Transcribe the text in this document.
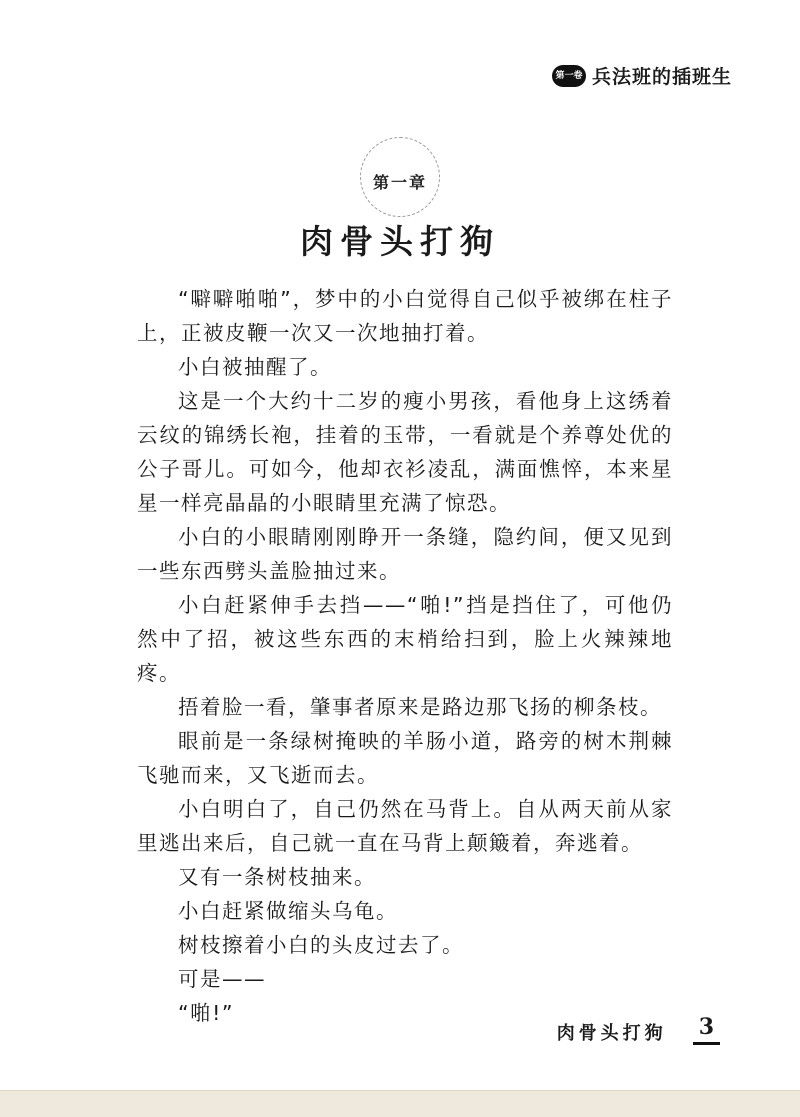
第一卷 兵法班的插班生
第一章
肉骨头打狗

“噼噼啪啪”，梦中的小白觉得自己似乎被绑在柱子上，正被皮鞭一次又一次地抽打着。

小白被抽醒了。

这是一个大约十二岁的瘦小男孩，看他身上这绣着云纹的锦绣长袍，挂着的玉带，一看就是个养尊处优的公子哥儿。可如今，他却衣衫凌乱，满面憔悴，本来星星一样亮晶晶的小眼睛里充满了惊恐。

小白的小眼睛刚刚睁开一条缝，隐约间，便又见到一些东西劈头盖脸抽过来。

小白赶紧伸手去挡——“啪!”挡是挡住了，可他仍然中了招，被这些东西的末梢给扫到，脸上火辣辣地疼。

捂着脸一看，肇事者原来是路边那飞扬的柳条枝。

眼前是一条绿树掩映的羊肠小道，路旁的树木荆棘飞驰而来，又飞逝而去。

小白明白了，自己仍然在马背上。自从两天前从家里逃出来后，自己就一直在马背上颠簸着，奔逃着。

又有一条树枝抽来。

小白赶紧做缩头乌龟。

树枝擦着小白的头皮过去了。

可是——

“啪!”

肉骨头打狗 3
